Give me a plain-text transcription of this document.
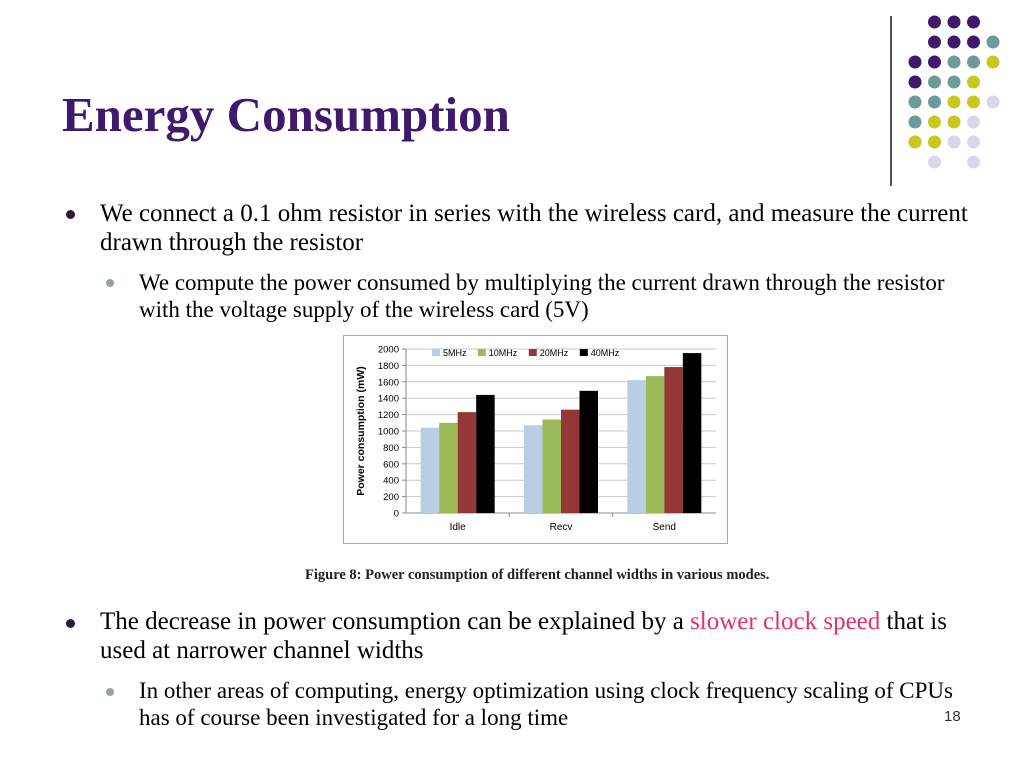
Energy Consumption

We connect a 0.1 ohm resistor in series with the wireless card, and measure the current drawn through the resistor

We compute the power consumed by multiplying the current drawn through the resistor with the voltage supply of the wireless card (5V)

0
200
400
600
800
1000
1200
1400
1600
1800
2000
Power consumption (mW)
Idle	Recv	Send
5MHz 10MHz 20MHz 40MHz
Figure 8: Power consumption of different channel widths in various modes.

The decrease in power consumption can be explained by a slower clock speed that is used at narrower channel widths

In other areas of computing, energy optimization using clock frequency scaling of CPUs has of course been investigated for a long time	18
